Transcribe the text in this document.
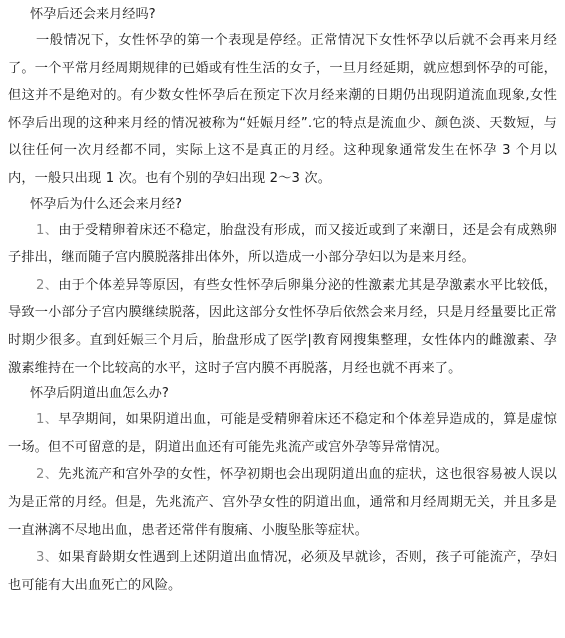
怀孕后还会来月经吗?

一般情况下，女性怀孕的第一个表现是停经。正常情况下女性怀孕以后就不会再来月经了。一个平常月经周期规律的已婚或有性生活的女子，一旦月经延期，就应想到怀孕的可能，但这并不是绝对的。有少数女性怀孕后在预定下次月经来潮的日期仍出现阴道流血现象,女性怀孕后出现的这种来月经的情况被称为“妊娠月经”.它的特点是流血少、颜色淡、天数短，与以往任何一次月经都不同，实际上这不是真正的月经。这种现象通常发生在怀孕 3 个月以内，一般只出现 1 次。也有个别的孕妇出现 2～3 次。

怀孕后为什么还会来月经?

1、由于受精卵着床还不稳定，胎盘没有形成，而又接近或到了来潮日，还是会有成熟卵子排出，继而随子宫内膜脱落排出体外，所以造成一小部分孕妇以为是来月经。

2、由于个体差异等原因，有些女性怀孕后卵巢分泌的性激素尤其是孕激素水平比较低，导致一小部分子宫内膜继续脱落，因此这部分女性怀孕后依然会来月经，只是月经量要比正常时期少很多。直到妊娠三个月后，胎盘形成了医学|教育网搜集整理，女性体内的雌激素、孕激素维持在一个比较高的水平，这时子宫内膜不再脱落，月经也就不再来了。

怀孕后阴道出血怎么办?

1、早孕期间，如果阴道出血，可能是受精卵着床还不稳定和个体差异造成的，算是虚惊一场。但不可留意的是，阴道出血还有可能先兆流产或宫外孕等异常情况。

2、先兆流产和宫外孕的女性，怀孕初期也会出现阴道出血的症状，这也很容易被人误以为是正常的月经。但是，先兆流产、宫外孕女性的阴道出血，通常和月经周期无关，并且多是一直淋漓不尽地出血，患者还常伴有腹痛、小腹坠胀等症状。

3、如果育龄期女性遇到上述阴道出血情况，必须及早就诊，否则，孩子可能流产，孕妇也可能有大出血死亡的风险。
